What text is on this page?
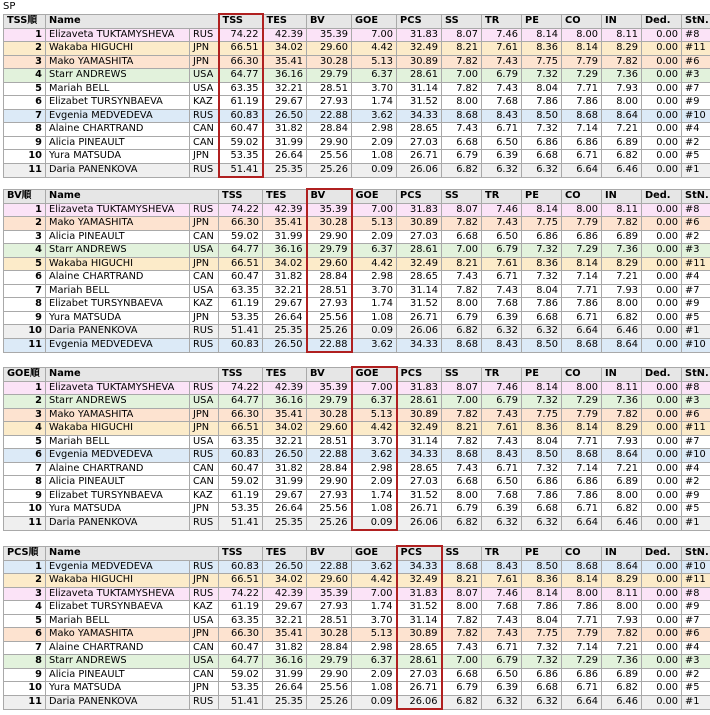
SP
TSS順	Name		TSS	TES	BV	GOE	PCS	SS	TR	PE	CO	IN	Ded.	StN.
1	Elizaveta TUKTAMYSHEVA	RUS	74.22	42.39	35.39	7.00	31.83	8.07	7.46	8.14	8.00	8.11	0.00	#8
2	Wakaba HIGUCHI	JPN	66.51	34.02	29.60	4.42	32.49	8.21	7.61	8.36	8.14	8.29	0.00	#11
3	Mako YAMASHITA	JPN	66.30	35.41	30.28	5.13	30.89	7.82	7.43	7.75	7.79	7.82	0.00	#6
4	Starr ANDREWS	USA	64.77	36.16	29.79	6.37	28.61	7.00	6.79	7.32	7.29	7.36	0.00	#3
5	Mariah BELL	USA	63.35	32.21	28.51	3.70	31.14	7.82	7.43	8.04	7.71	7.93	0.00	#7
6	Elizabet TURSYNBAEVA	KAZ	61.19	29.67	27.93	1.74	31.52	8.00	7.68	7.86	7.86	8.00	0.00	#9
7	Evgenia MEDVEDEVA	RUS	60.83	26.50	22.88	3.62	34.33	8.68	8.43	8.50	8.68	8.64	0.00	#10
8	Alaine CHARTRAND	CAN	60.47	31.82	28.84	2.98	28.65	7.43	6.71	7.32	7.14	7.21	0.00	#4
9	Alicia PINEAULT	CAN	59.02	31.99	29.90	2.09	27.03	6.68	6.50	6.86	6.86	6.89	0.00	#2
10	Yura MATSUDA	JPN	53.35	26.64	25.56	1.08	26.71	6.79	6.39	6.68	6.71	6.82	0.00	#5
11	Daria PANENKOVA	RUS	51.41	25.35	25.26	0.09	26.06	6.82	6.32	6.32	6.64	6.46	0.00	#1
BV順	Name		TSS	TES	BV	GOE	PCS	SS	TR	PE	CO	IN	Ded.	StN.
1	Elizaveta TUKTAMYSHEVA	RUS	74.22	42.39	35.39	7.00	31.83	8.07	7.46	8.14	8.00	8.11	0.00	#8
2	Mako YAMASHITA	JPN	66.30	35.41	30.28	5.13	30.89	7.82	7.43	7.75	7.79	7.82	0.00	#6
3	Alicia PINEAULT	CAN	59.02	31.99	29.90	2.09	27.03	6.68	6.50	6.86	6.86	6.89	0.00	#2
4	Starr ANDREWS	USA	64.77	36.16	29.79	6.37	28.61	7.00	6.79	7.32	7.29	7.36	0.00	#3
5	Wakaba HIGUCHI	JPN	66.51	34.02	29.60	4.42	32.49	8.21	7.61	8.36	8.14	8.29	0.00	#11
6	Alaine CHARTRAND	CAN	60.47	31.82	28.84	2.98	28.65	7.43	6.71	7.32	7.14	7.21	0.00	#4
7	Mariah BELL	USA	63.35	32.21	28.51	3.70	31.14	7.82	7.43	8.04	7.71	7.93	0.00	#7
8	Elizabet TURSYNBAEVA	KAZ	61.19	29.67	27.93	1.74	31.52	8.00	7.68	7.86	7.86	8.00	0.00	#9
9	Yura MATSUDA	JPN	53.35	26.64	25.56	1.08	26.71	6.79	6.39	6.68	6.71	6.82	0.00	#5
10	Daria PANENKOVA	RUS	51.41	25.35	25.26	0.09	26.06	6.82	6.32	6.32	6.64	6.46	0.00	#1
11	Evgenia MEDVEDEVA	RUS	60.83	26.50	22.88	3.62	34.33	8.68	8.43	8.50	8.68	8.64	0.00	#10
GOE順	Name		TSS	TES	BV	GOE	PCS	SS	TR	PE	CO	IN	Ded.	StN.
1	Elizaveta TUKTAMYSHEVA	RUS	74.22	42.39	35.39	7.00	31.83	8.07	7.46	8.14	8.00	8.11	0.00	#8
2	Starr ANDREWS	USA	64.77	36.16	29.79	6.37	28.61	7.00	6.79	7.32	7.29	7.36	0.00	#3
3	Mako YAMASHITA	JPN	66.30	35.41	30.28	5.13	30.89	7.82	7.43	7.75	7.79	7.82	0.00	#6
4	Wakaba HIGUCHI	JPN	66.51	34.02	29.60	4.42	32.49	8.21	7.61	8.36	8.14	8.29	0.00	#11
5	Mariah BELL	USA	63.35	32.21	28.51	3.70	31.14	7.82	7.43	8.04	7.71	7.93	0.00	#7
6	Evgenia MEDVEDEVA	RUS	60.83	26.50	22.88	3.62	34.33	8.68	8.43	8.50	8.68	8.64	0.00	#10
7	Alaine CHARTRAND	CAN	60.47	31.82	28.84	2.98	28.65	7.43	6.71	7.32	7.14	7.21	0.00	#4
8	Alicia PINEAULT	CAN	59.02	31.99	29.90	2.09	27.03	6.68	6.50	6.86	6.86	6.89	0.00	#2
9	Elizabet TURSYNBAEVA	KAZ	61.19	29.67	27.93	1.74	31.52	8.00	7.68	7.86	7.86	8.00	0.00	#9
10	Yura MATSUDA	JPN	53.35	26.64	25.56	1.08	26.71	6.79	6.39	6.68	6.71	6.82	0.00	#5
11	Daria PANENKOVA	RUS	51.41	25.35	25.26	0.09	26.06	6.82	6.32	6.32	6.64	6.46	0.00	#1
PCS順	Name		TSS	TES	BV	GOE	PCS	SS	TR	PE	CO	IN	Ded.	StN.
1	Evgenia MEDVEDEVA	RUS	60.83	26.50	22.88	3.62	34.33	8.68	8.43	8.50	8.68	8.64	0.00	#10
2	Wakaba HIGUCHI	JPN	66.51	34.02	29.60	4.42	32.49	8.21	7.61	8.36	8.14	8.29	0.00	#11
3	Elizaveta TUKTAMYSHEVA	RUS	74.22	42.39	35.39	7.00	31.83	8.07	7.46	8.14	8.00	8.11	0.00	#8
4	Elizabet TURSYNBAEVA	KAZ	61.19	29.67	27.93	1.74	31.52	8.00	7.68	7.86	7.86	8.00	0.00	#9
5	Mariah BELL	USA	63.35	32.21	28.51	3.70	31.14	7.82	7.43	8.04	7.71	7.93	0.00	#7
6	Mako YAMASHITA	JPN	66.30	35.41	30.28	5.13	30.89	7.82	7.43	7.75	7.79	7.82	0.00	#6
7	Alaine CHARTRAND	CAN	60.47	31.82	28.84	2.98	28.65	7.43	6.71	7.32	7.14	7.21	0.00	#4
8	Starr ANDREWS	USA	64.77	36.16	29.79	6.37	28.61	7.00	6.79	7.32	7.29	7.36	0.00	#3
9	Alicia PINEAULT	CAN	59.02	31.99	29.90	2.09	27.03	6.68	6.50	6.86	6.86	6.89	0.00	#2
10	Yura MATSUDA	JPN	53.35	26.64	25.56	1.08	26.71	6.79	6.39	6.68	6.71	6.82	0.00	#5
11	Daria PANENKOVA	RUS	51.41	25.35	25.26	0.09	26.06	6.82	6.32	6.32	6.64	6.46	0.00	#1
